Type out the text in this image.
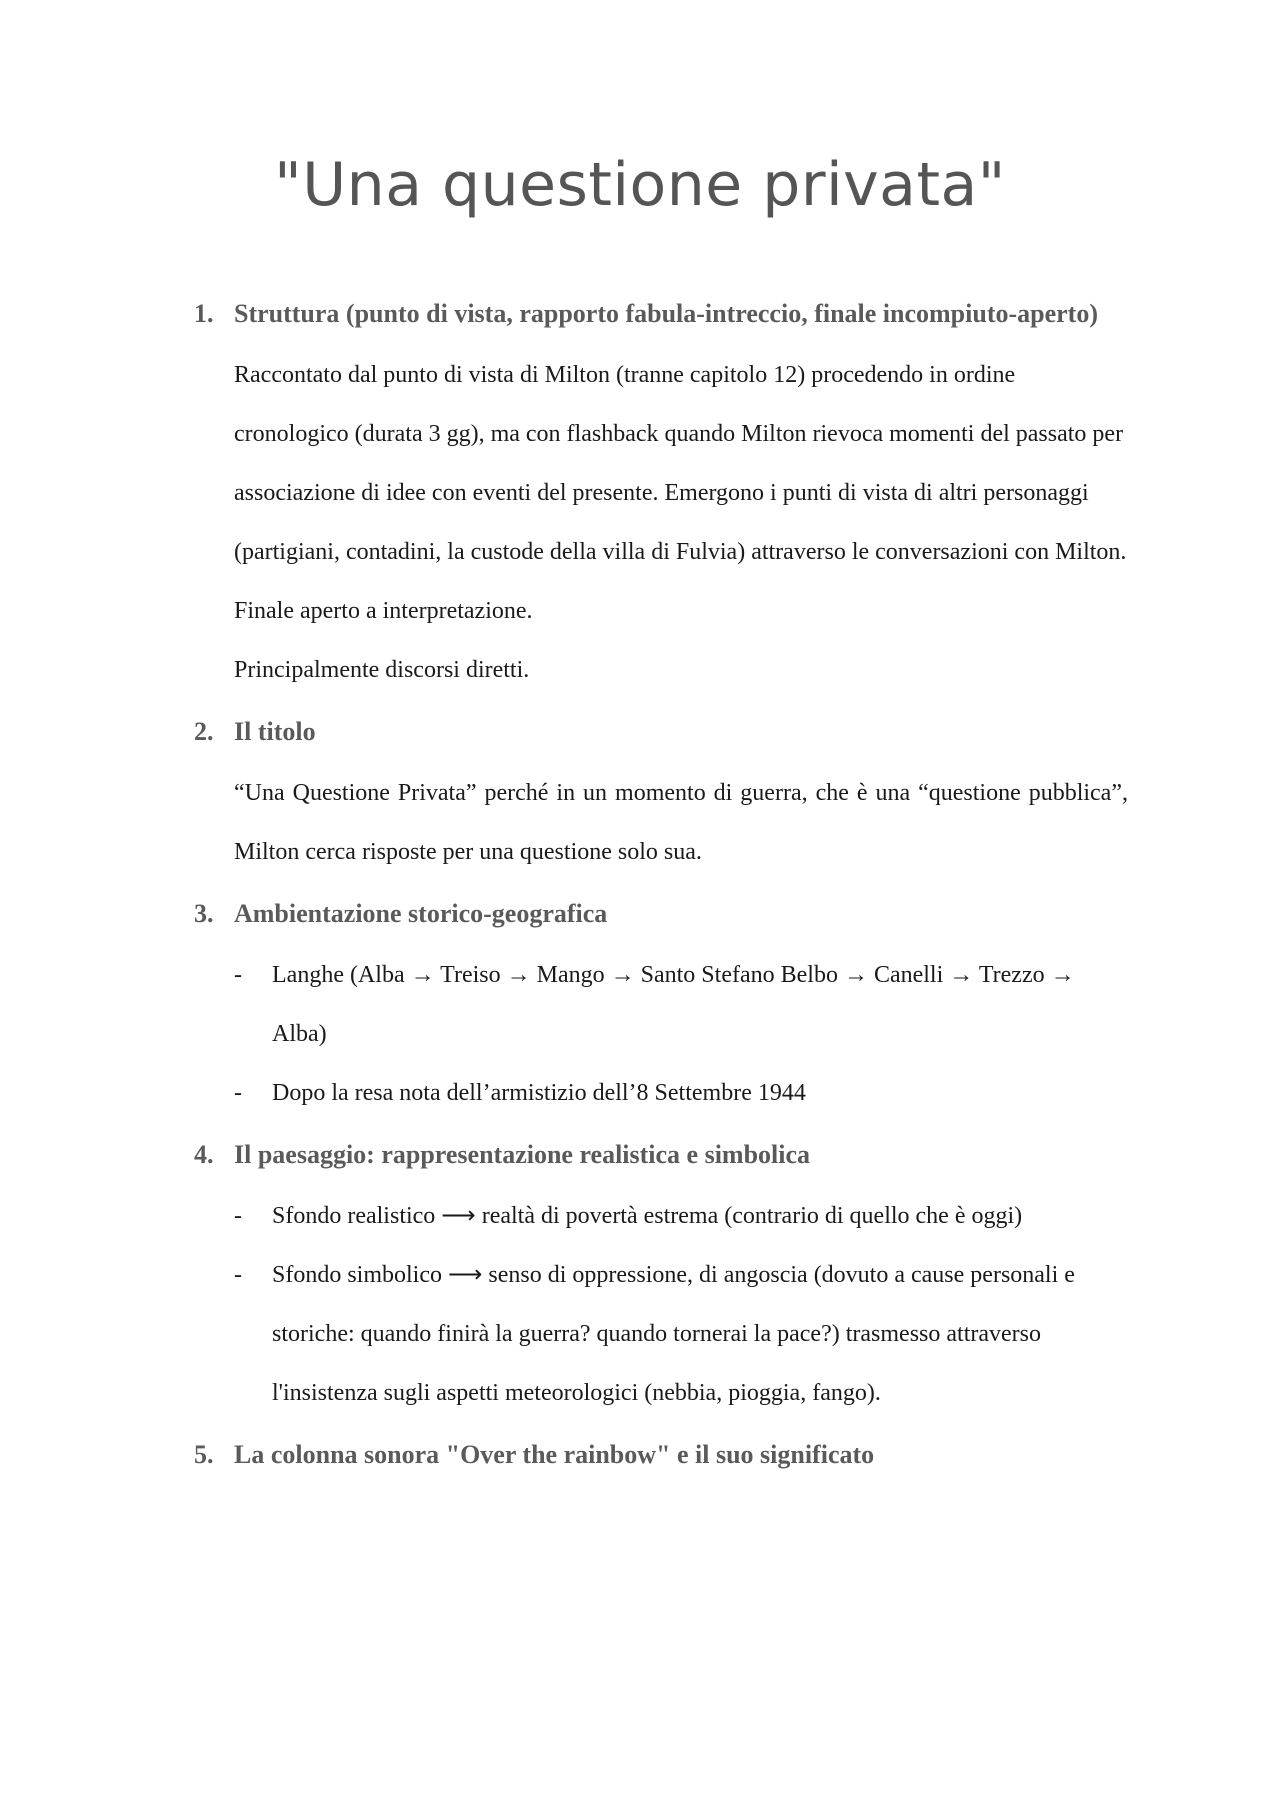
"Una questione privata"
1. Struttura (punto di vista, rapporto fabula-intreccio, finale incompiuto-aperto)
Raccontato dal punto di vista di Milton (tranne capitolo 12) procedendo in ordine cronologico (durata 3 gg), ma con flashback quando Milton rievoca momenti del passato per associazione di idee con eventi del presente. Emergono i punti di vista di altri personaggi (partigiani, contadini, la custode della villa di Fulvia) attraverso le conversazioni con Milton.
Finale aperto a interpretazione.
Principalmente discorsi diretti.
2. Il titolo
“Una Questione Privata” perché in un momento di guerra, che è una “questione pubblica”, Milton cerca risposte per una questione solo sua.
3. Ambientazione storico-geografica
- Langhe (Alba → Treiso → Mango → Santo Stefano Belbo → Canelli → Trezzo → Alba)
- Dopo la resa nota dell’armistizio dell’8 Settembre 1944
4. Il paesaggio: rappresentazione realistica e simbolica
- Sfondo realistico ⟶ realtà di povertà estrema (contrario di quello che è oggi)
- Sfondo simbolico ⟶ senso di oppressione, di angoscia (dovuto a cause personali e storiche: quando finirà la guerra? quando tornerai la pace?) trasmesso attraverso l'insistenza sugli aspetti meteorologici (nebbia, pioggia, fango).
5. La colonna sonora "Over the rainbow" e il suo significato
